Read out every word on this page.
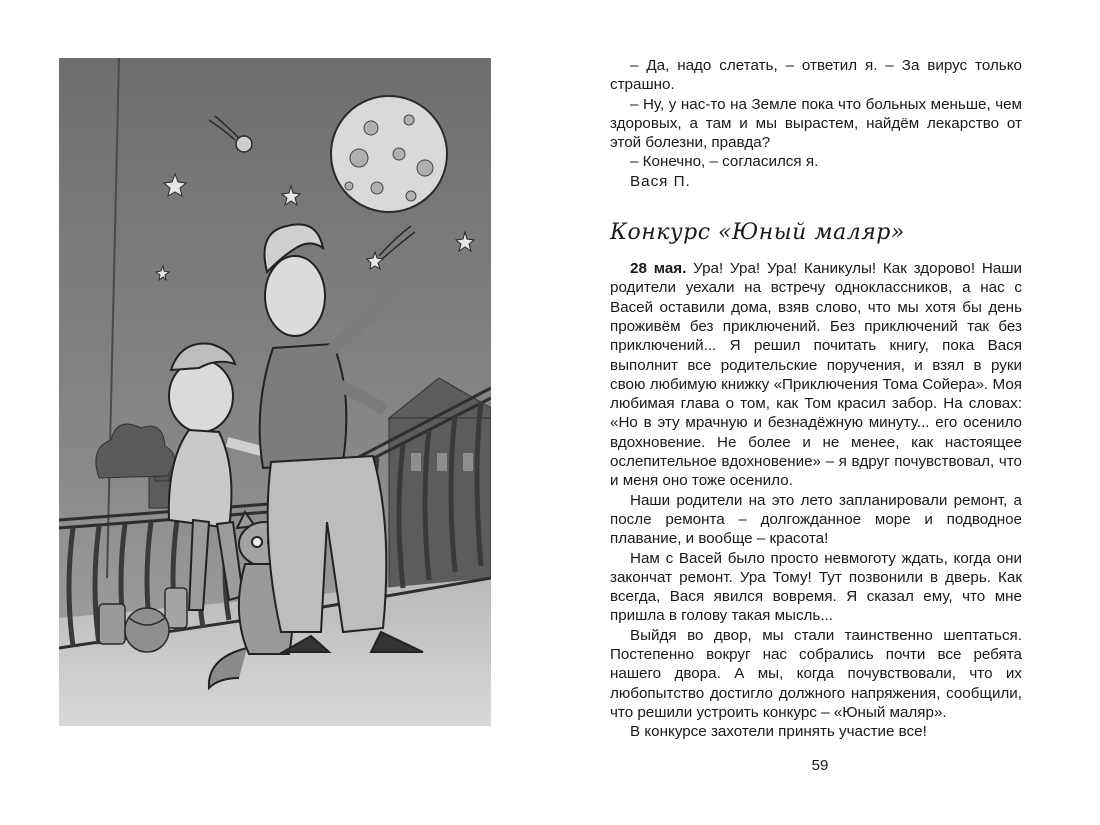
– Да, надо слетать, – ответил я. – За вирус только страшно.

– Ну, у нас-то на Земле пока что больных меньше, чем здоровых, а там и мы вырастем, найдём лекарство от этой болезни, правда?

– Конечно, – согласился я.

Вася П.

Конкурс «Юный маляр»

28 мая. Ура! Ура! Ура! Каникулы! Как здорово! Наши родители уехали на встречу одноклассников, а нас с Васей оставили дома, взяв слово, что мы хотя бы день проживём без приключений. Без приключений так без приключений... Я решил почитать книгу, пока Вася выполнит все родительские поручения, и взял в руки свою любимую книжку «Приключения Тома Сойера». Моя любимая глава о том, как Том красил забор. На словах: «Но в эту мрачную и безнадёжную минуту... его осенило вдохновение. Не более и не менее, как настоящее ослепительное вдохновение» – я вдруг почувствовал, что и меня оно тоже осенило.

Наши родители на это лето запланировали ремонт, а после ремонта – долгожданное море и подводное плавание, и вообще – красота!

Нам с Васей было просто невмоготу ждать, когда они закончат ремонт. Ура Тому! Тут позвонили в дверь. Как всегда, Вася явился вовремя. Я сказал ему, что мне пришла в голову такая мысль...

Выйдя во двор, мы стали таинственно шептаться. Постепенно вокруг нас собрались почти все ребята нашего двора. А мы, когда почувствовали, что их любопытство достигло должного напряжения, сообщили, что решили устроить конкурс – «Юный маляр».

В конкурсе захотели принять участие все!

59
